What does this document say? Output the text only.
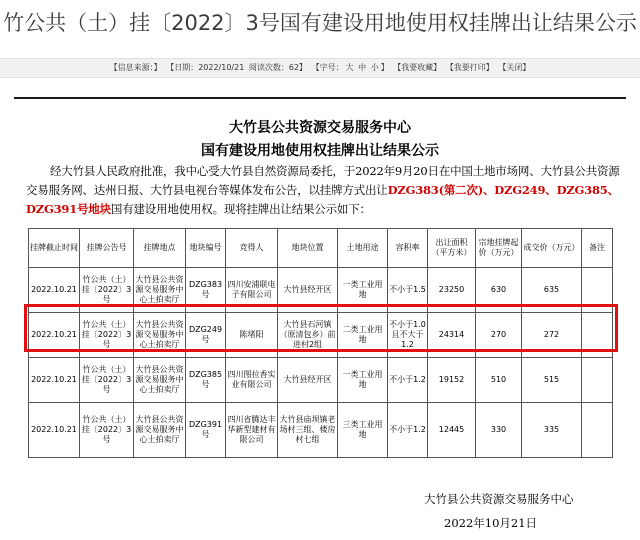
竹公共（土）挂〔2022〕3号国有建设用地使用权挂牌出让结果公示
【信息来源：】 【日期：2022/10/21 阅读次数：62】 【字号： 大 中 小 】 【我要收藏】 【我要打印】 【关闭】
大竹县公共资源交易服务中心
国有建设用地使用权挂牌出让结果公示
经大竹县人民政府批准，我中心受大竹县自然资源局委托，于2022年9月20日在中国土地市场网、大竹县公共资源交易服务网、达州日报、大竹县电视台等媒体发布公告，以挂牌方式出让DZG383(第二次)、DZG249、DZG385、DZG391号地块国有建设用地使用权。现将挂牌出让结果公示如下：
挂牌截止时间	挂牌公告号	挂牌地点	地块编号	竞得人	地块位置	土地用途	容积率	出让面积（平方米）	宗地挂牌起价（万元）	成交价（万元）	备注
2022.10.21	竹公共（土）挂〔2022〕3号	大竹县公共资源交易服务中心土拍卖厅	DZG383号	四川安浦联电子有限公司	大竹县经开区	一类工业用地	不小于1.5	23250	630	635	
2022.10.21	竹公共（土）挂〔2022〕3号	大竹县公共资源交易服务中心土拍卖厅	DZG249号	陈堵阳	大竹县石河镇（原清包乡）前进村2组	二类工业用地	不小于1.0且不大于1.2	24314	270	272	
2022.10.21	竹公共（土）挂〔2022〕3号	大竹县公共资源交易服务中心土拍卖厅	DZG385号	四川图拉香实业有限公司	大竹县经开区	一类工业用地	不小于1.2	19152	510	515	
2022.10.21	竹公共（土）挂〔2022〕3号	大竹县公共资源交易服务中心土拍卖厅	DZG391号	四川省腾达丰华新型建材有限公司	大竹县庙坝镇老场村三组、楼房村七组	三类工业用地	不小于1.2	12445	330	335	
大竹县公共资源交易服务中心
2022年10月21日
